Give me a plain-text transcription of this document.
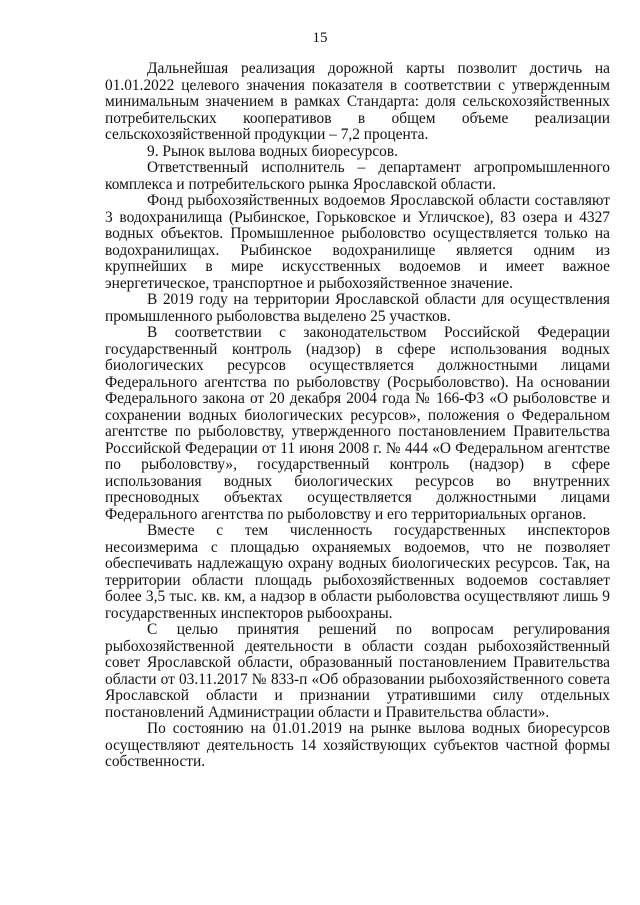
15

Дальнейшая реализация дорожной карты позволит достичь на 01.01.2022 целевого значения показателя в соответствии с утвержденным минимальным значением в рамках Стандарта: доля сельскохозяйственных потребительских кооперативов в общем объеме реализации сельскохозяйственной продукции – 7,2 процента.

9. Рынок вылова водных биоресурсов.

Ответственный исполнитель – департамент агропромышленного комплекса и потребительского рынка Ярославской области.

Фонд рыбохозяйственных водоемов Ярославской области составляют 3 водохранилища (Рыбинское, Горьковское и Угличское), 83 озера и 4327 водных объектов. Промышленное рыболовство осуществляется только на водохранилищах. Рыбинское водохранилище является одним из крупнейших в мире искусственных водоемов и имеет важное энергетическое, транспортное и рыбохозяйственное значение.

В 2019 году на территории Ярославской области для осуществления промышленного рыболовства выделено 25 участков.

В соответствии с законодательством Российской Федерации государственный контроль (надзор) в сфере использования водных биологических ресурсов осуществляется должностными лицами Федерального агентства по рыболовству (Росрыболовство). На основании Федерального закона от 20 декабря 2004 года № 166-ФЗ «О рыболовстве и сохранении водных биологических ресурсов», положения о Федеральном агентстве по рыболовству, утвержденного постановлением Правительства Российской Федерации от 11 июня 2008 г. № 444 «О Федеральном агентстве по рыболовству», государственный контроль (надзор) в сфере использования водных биологических ресурсов во внутренних пресноводных объектах осуществляется должностными лицами Федерального агентства по рыболовству и его территориальных органов.

Вместе с тем численность государственных инспекторов несоизмерима с площадью охраняемых водоемов, что не позволяет обеспечивать надлежащую охрану водных биологических ресурсов. Так, на территории области площадь рыбохозяйственных водоемов составляет более 3,5 тыс. кв. км, а надзор в области рыболовства осуществляют лишь 9 государственных инспекторов рыбоохраны.

С целью принятия решений по вопросам регулирования рыбохозяйственной деятельности в области создан рыбохозяйственный совет Ярославской области, образованный постановлением Правительства области от 03.11.2017 № 833-п «Об образовании рыбохозяйственного совета Ярославской области и признании утратившими силу отдельных постановлений Администрации области и Правительства области».

По состоянию на 01.01.2019 на рынке вылова водных биоресурсов осуществляют деятельность 14 хозяйствующих субъектов частной формы собственности.
